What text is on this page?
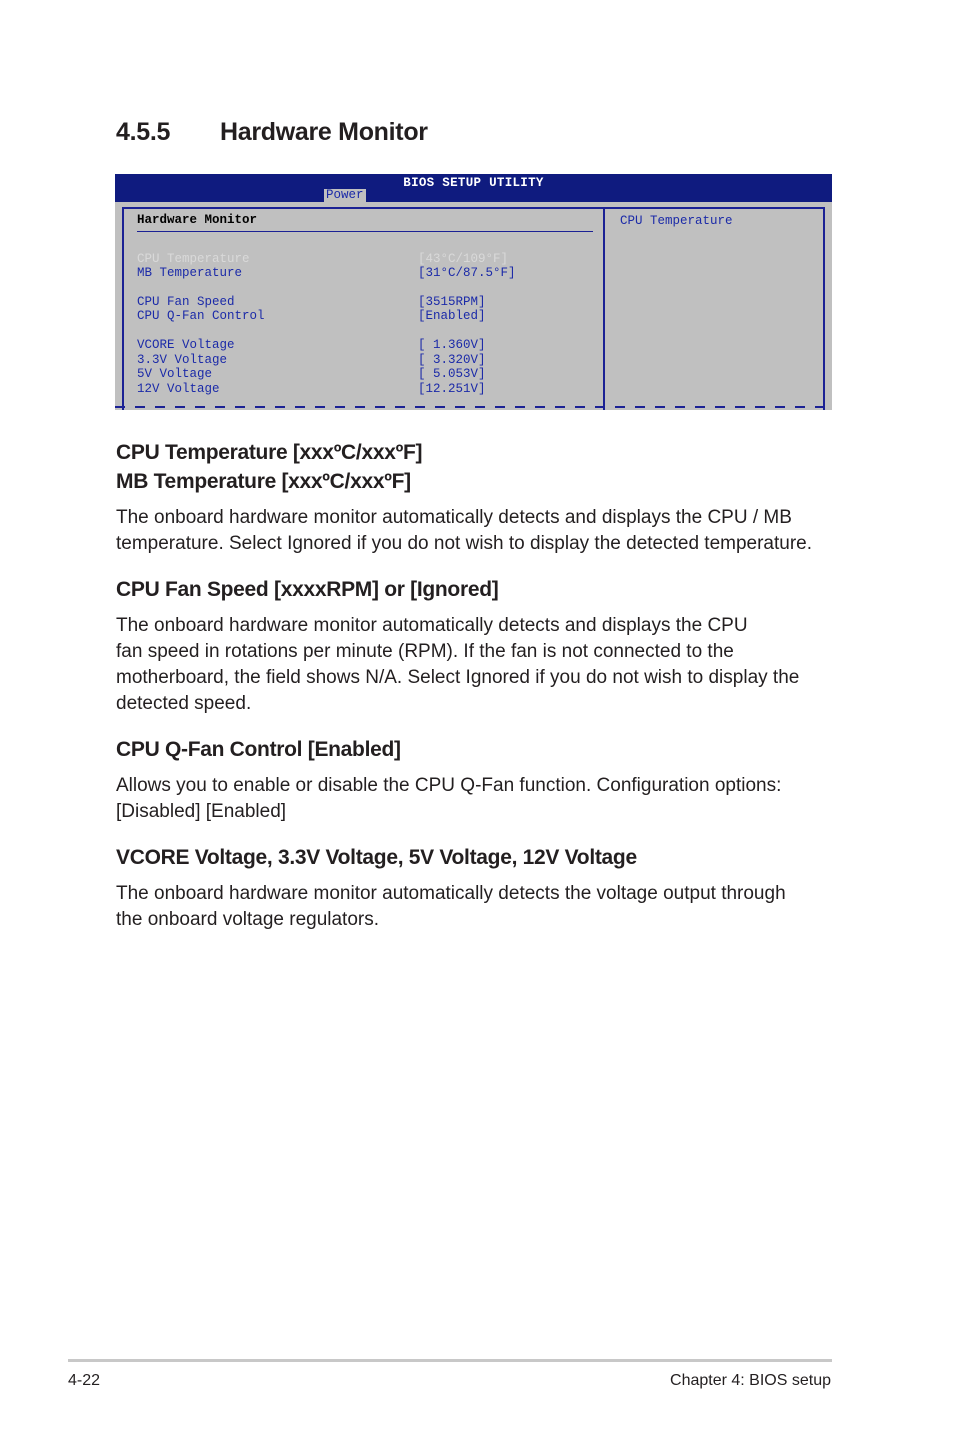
4.5.5 Hardware Monitor
BIOS SETUP UTILITY
Power
Hardware Monitor	CPU Temperature
CPU Temperature	[43°C/109°F]
MB Temperature	[31°C/87.5°F]
CPU Fan Speed	[3515RPM]
CPU Q-Fan Control	[Enabled]
VCORE Voltage	[ 1.360V]
3.3V Voltage	[ 3.320V]
5V Voltage	[ 5.053V]
12V Voltage	[12.251V]
CPU Temperature [xxxºC/xxxºF]
MB Temperature [xxxºC/xxxºF]

The onboard hardware monitor automatically detects and displays the CPU / MB

temperature. Select Ignored if you do not wish to display the detected temperature.

CPU Fan Speed [xxxxRPM] or [Ignored]

The onboard hardware monitor automatically detects and displays the CPU

fan speed in rotations per minute (RPM). If the fan is not connected to the

motherboard, the field shows N/A. Select Ignored if you do not wish to display the

detected speed.

CPU Q-Fan Control [Enabled]

Allows you to enable or disable the CPU Q-Fan function. Configuration options:

[Disabled] [Enabled]

VCORE Voltage, 3.3V Voltage, 5V Voltage, 12V Voltage

The onboard hardware monitor automatically detects the voltage output through

the onboard voltage regulators.

4-22	Chapter 4: BIOS setup
